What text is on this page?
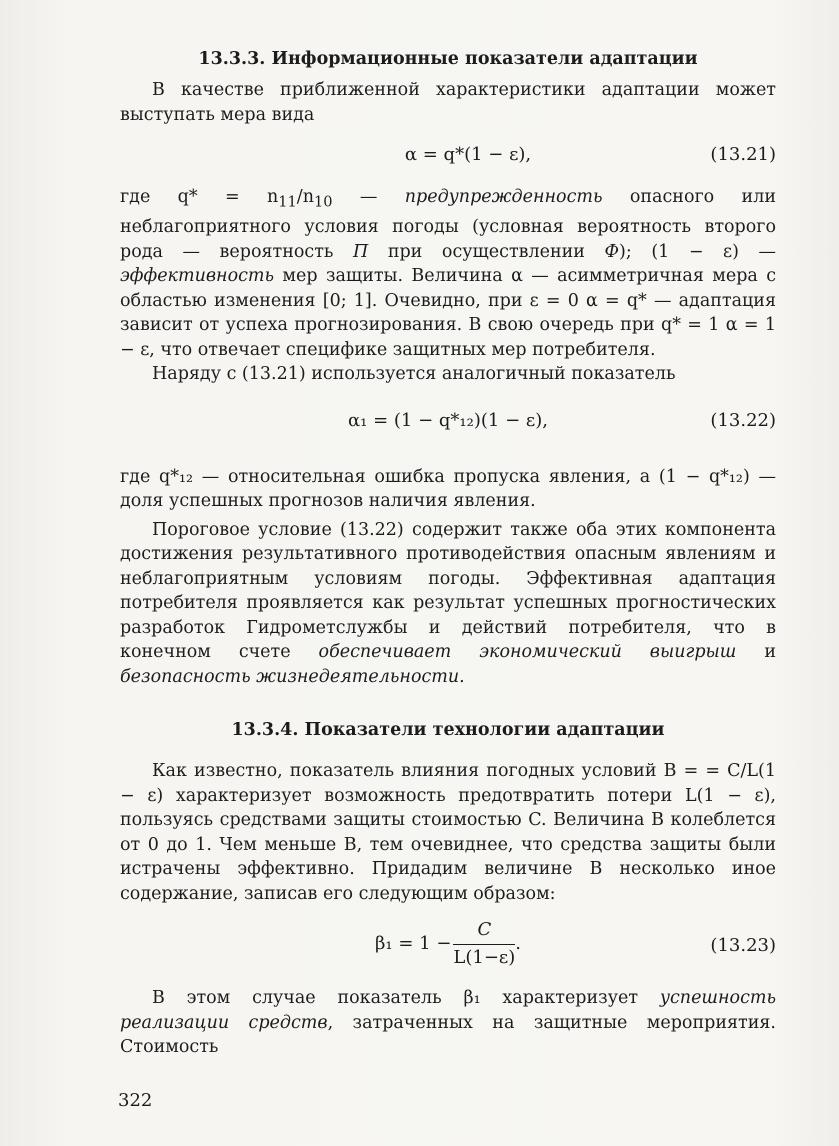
13.3.3. Информационные показатели адаптации

В качестве приближенной характеристики адаптации может выступать мера вида

α = q*(1 − ε),	(13.21)

где $q* = n_{11}/n_{10}$ — предупрежденность опасного или неблагоприятного условия погоды (условная вероятность второго рода — вероятность П при осуществлении Ф); (1 − ε) — эффективность мер защиты. Величина α — асимметричная мера с областью изменения [0; 1]. Очевидно, при ε = 0 α = q* — адаптация зависит от успеха прогнозирования. В свою очередь при q* = 1 α = 1 − ε, что отвечает специфике защитных мер потребителя.

Наряду с (13.21) используется аналогичный показатель

α₁ = (1 − q*₁₂)(1 − ε),	(13.22)

где q*₁₂ — относительная ошибка пропуска явления, а (1 − q*₁₂) — доля успешных прогнозов наличия явления.

Пороговое условие (13.22) содержит также оба этих компонента достижения результативного противодействия опасным явлениям и неблагоприятным условиям погоды. Эффективная адаптация потребителя проявляется как результат успешных прогностических разработок Гидрометслужбы и действий потребителя, что в конечном счете обеспечивает экономический выигрыш и безопасность жизнедеятельности.

13.3.4. Показатели технологии адаптации

Как известно, показатель влияния погодных условий B = = C/L(1 − ε) характеризует возможность предотвратить потери L(1 − ε), пользуясь средствами защиты стоимостью C. Величина B колеблется от 0 до 1. Чем меньше B, тем очевиднее, что средства защиты были истрачены эффективно. Придадим величине B несколько иное содержание, записав его следующим образом:

$\beta_1 = 1 - \frac{C}{L(1-\varepsilon)}$ .	(13.23)

В этом случае показатель β₁ характеризует успешность реализации средств, затраченных на защитные мероприятия. Стоимость

322
